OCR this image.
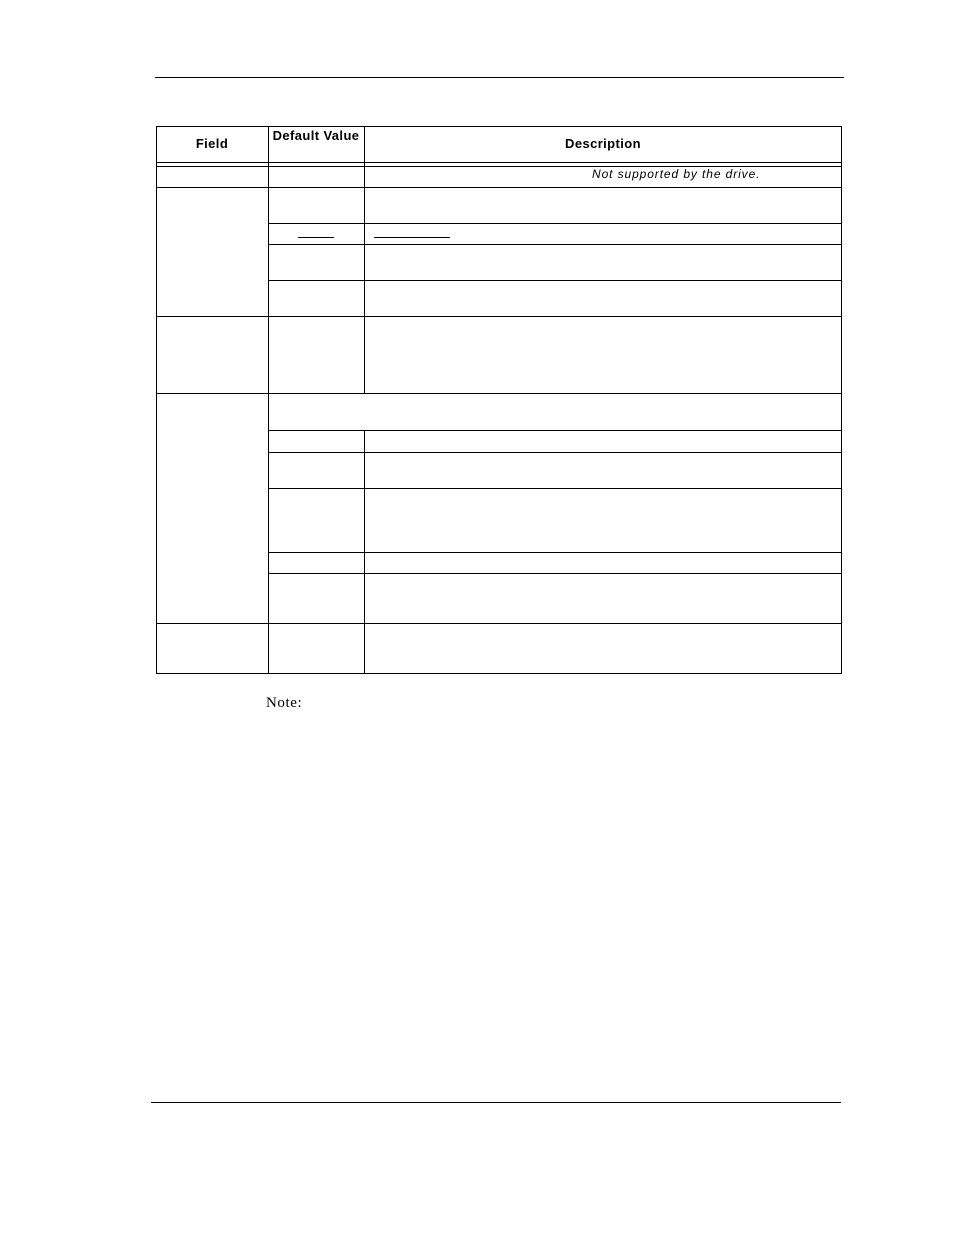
Field
Default Value
Description
Not supported by the drive.
Note:
